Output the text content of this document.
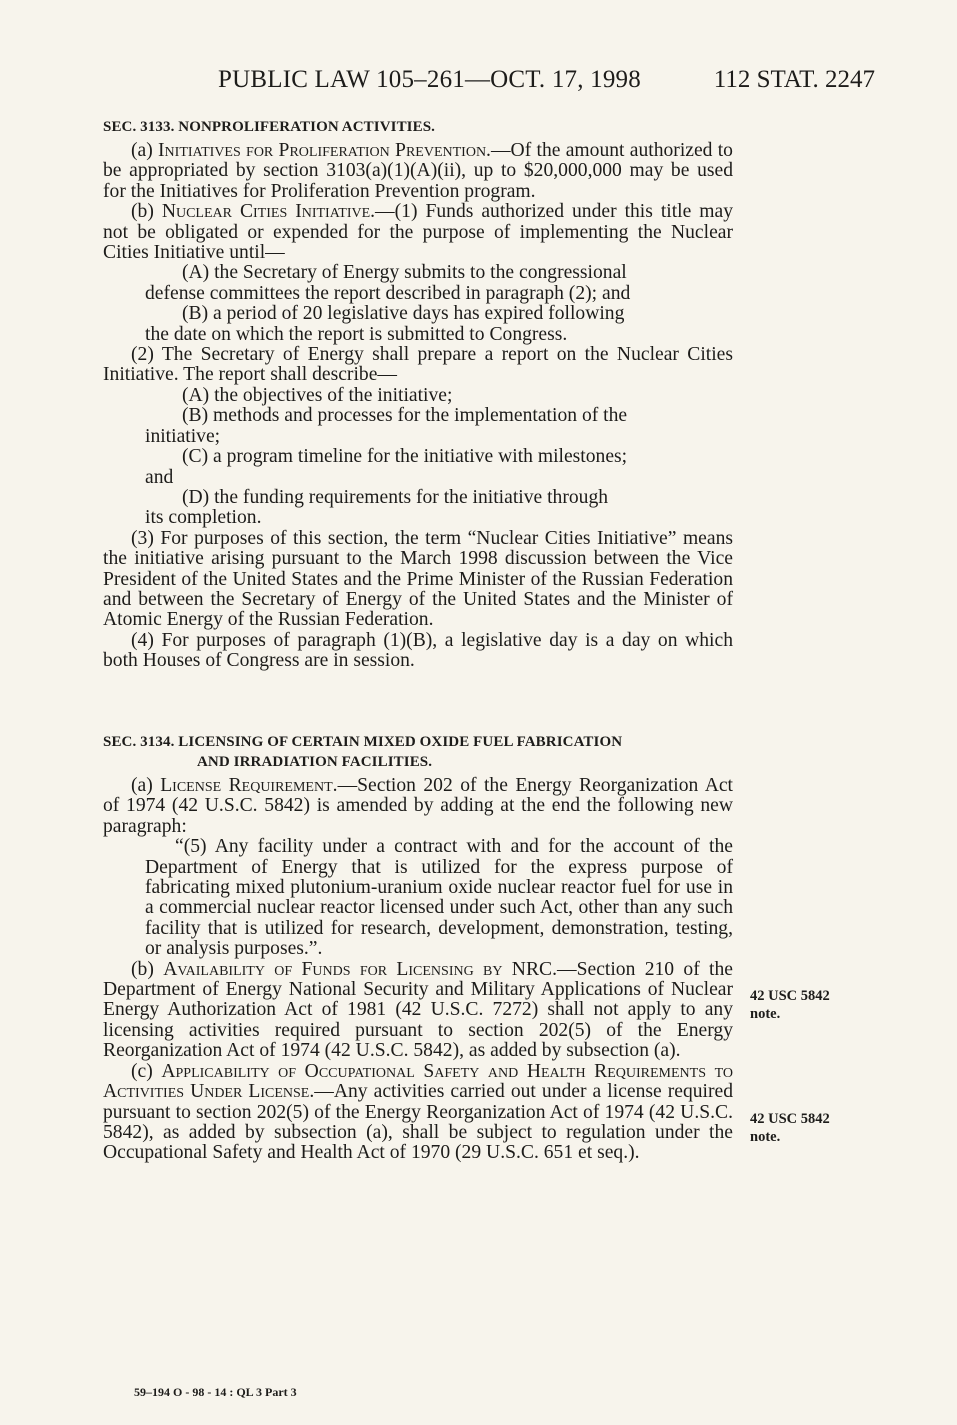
PUBLIC LAW 105–261—OCT. 17, 1998	112 STAT. 2247
SEC. 3133. NONPROLIFERATION ACTIVITIES.

(a) Initiatives for Proliferation Prevention.—Of the amount authorized to be appropriated by section 3103(a)(1)(A)(ii), up to $20,000,000 may be used for the Initiatives for Proliferation Prevention program.

(b) Nuclear Cities Initiative.—(1) Funds authorized under this title may not be obligated or expended for the purpose of implementing the Nuclear Cities Initiative until—

(A) the Secretary of Energy submits to the congressional
defense committees the report described in paragraph (2); and

(B) a period of 20 legislative days has expired following
the date on which the report is submitted to Congress.

(2) The Secretary of Energy shall prepare a report on the Nuclear Cities Initiative. The report shall describe—

(A) the objectives of the initiative;

(B) methods and processes for the implementation of the
initiative;

(C) a program timeline for the initiative with milestones;
and

(D) the funding requirements for the initiative through
its completion.

(3) For purposes of this section, the term “Nuclear Cities Initiative” means the initiative arising pursuant to the March 1998 discussion between the Vice President of the United States and the Prime Minister of the Russian Federation and between the Secretary of Energy of the United States and the Minister of Atomic Energy of the Russian Federation.

(4) For purposes of paragraph (1)(B), a legislative day is a day on which both Houses of Congress are in session.

SEC. 3134. LICENSING OF CERTAIN MIXED OXIDE FUEL FABRICATION
AND IRRADIATION FACILITIES.

(a) License Requirement.—Section 202 of the Energy Reorganization Act of 1974 (42 U.S.C. 5842) is amended by adding at the end the following new paragraph:

“(5) Any facility under a contract with and for the account of the Department of Energy that is utilized for the express purpose of fabricating mixed plutonium-uranium oxide nuclear reactor fuel for use in a commercial nuclear reactor licensed under such Act, other than any such facility that is utilized for research, development, demonstration, testing, or analysis purposes.”.

(b) Availability of Funds for Licensing by NRC.—Section 210 of the Department of Energy National Security and Military Applications of Nuclear Energy Authorization Act of 1981 (42 U.S.C. 7272) shall not apply to any licensing activities required pursuant to section 202(5) of the Energy Reorganization Act of 1974 (42 U.S.C. 5842), as added by subsection (a).

(c) Applicability of Occupational Safety and Health Requirements to Activities Under License.—Any activities carried out under a license required pursuant to section 202(5) of the Energy Reorganization Act of 1974 (42 U.S.C. 5842), as added by subsection (a), shall be subject to regulation under the Occupational Safety and Health Act of 1970 (29 U.S.C. 651 et seq.).

42 USC 5842
note.
42 USC 5842
note.
59–194 O - 98 - 14 : QL 3 Part 3
